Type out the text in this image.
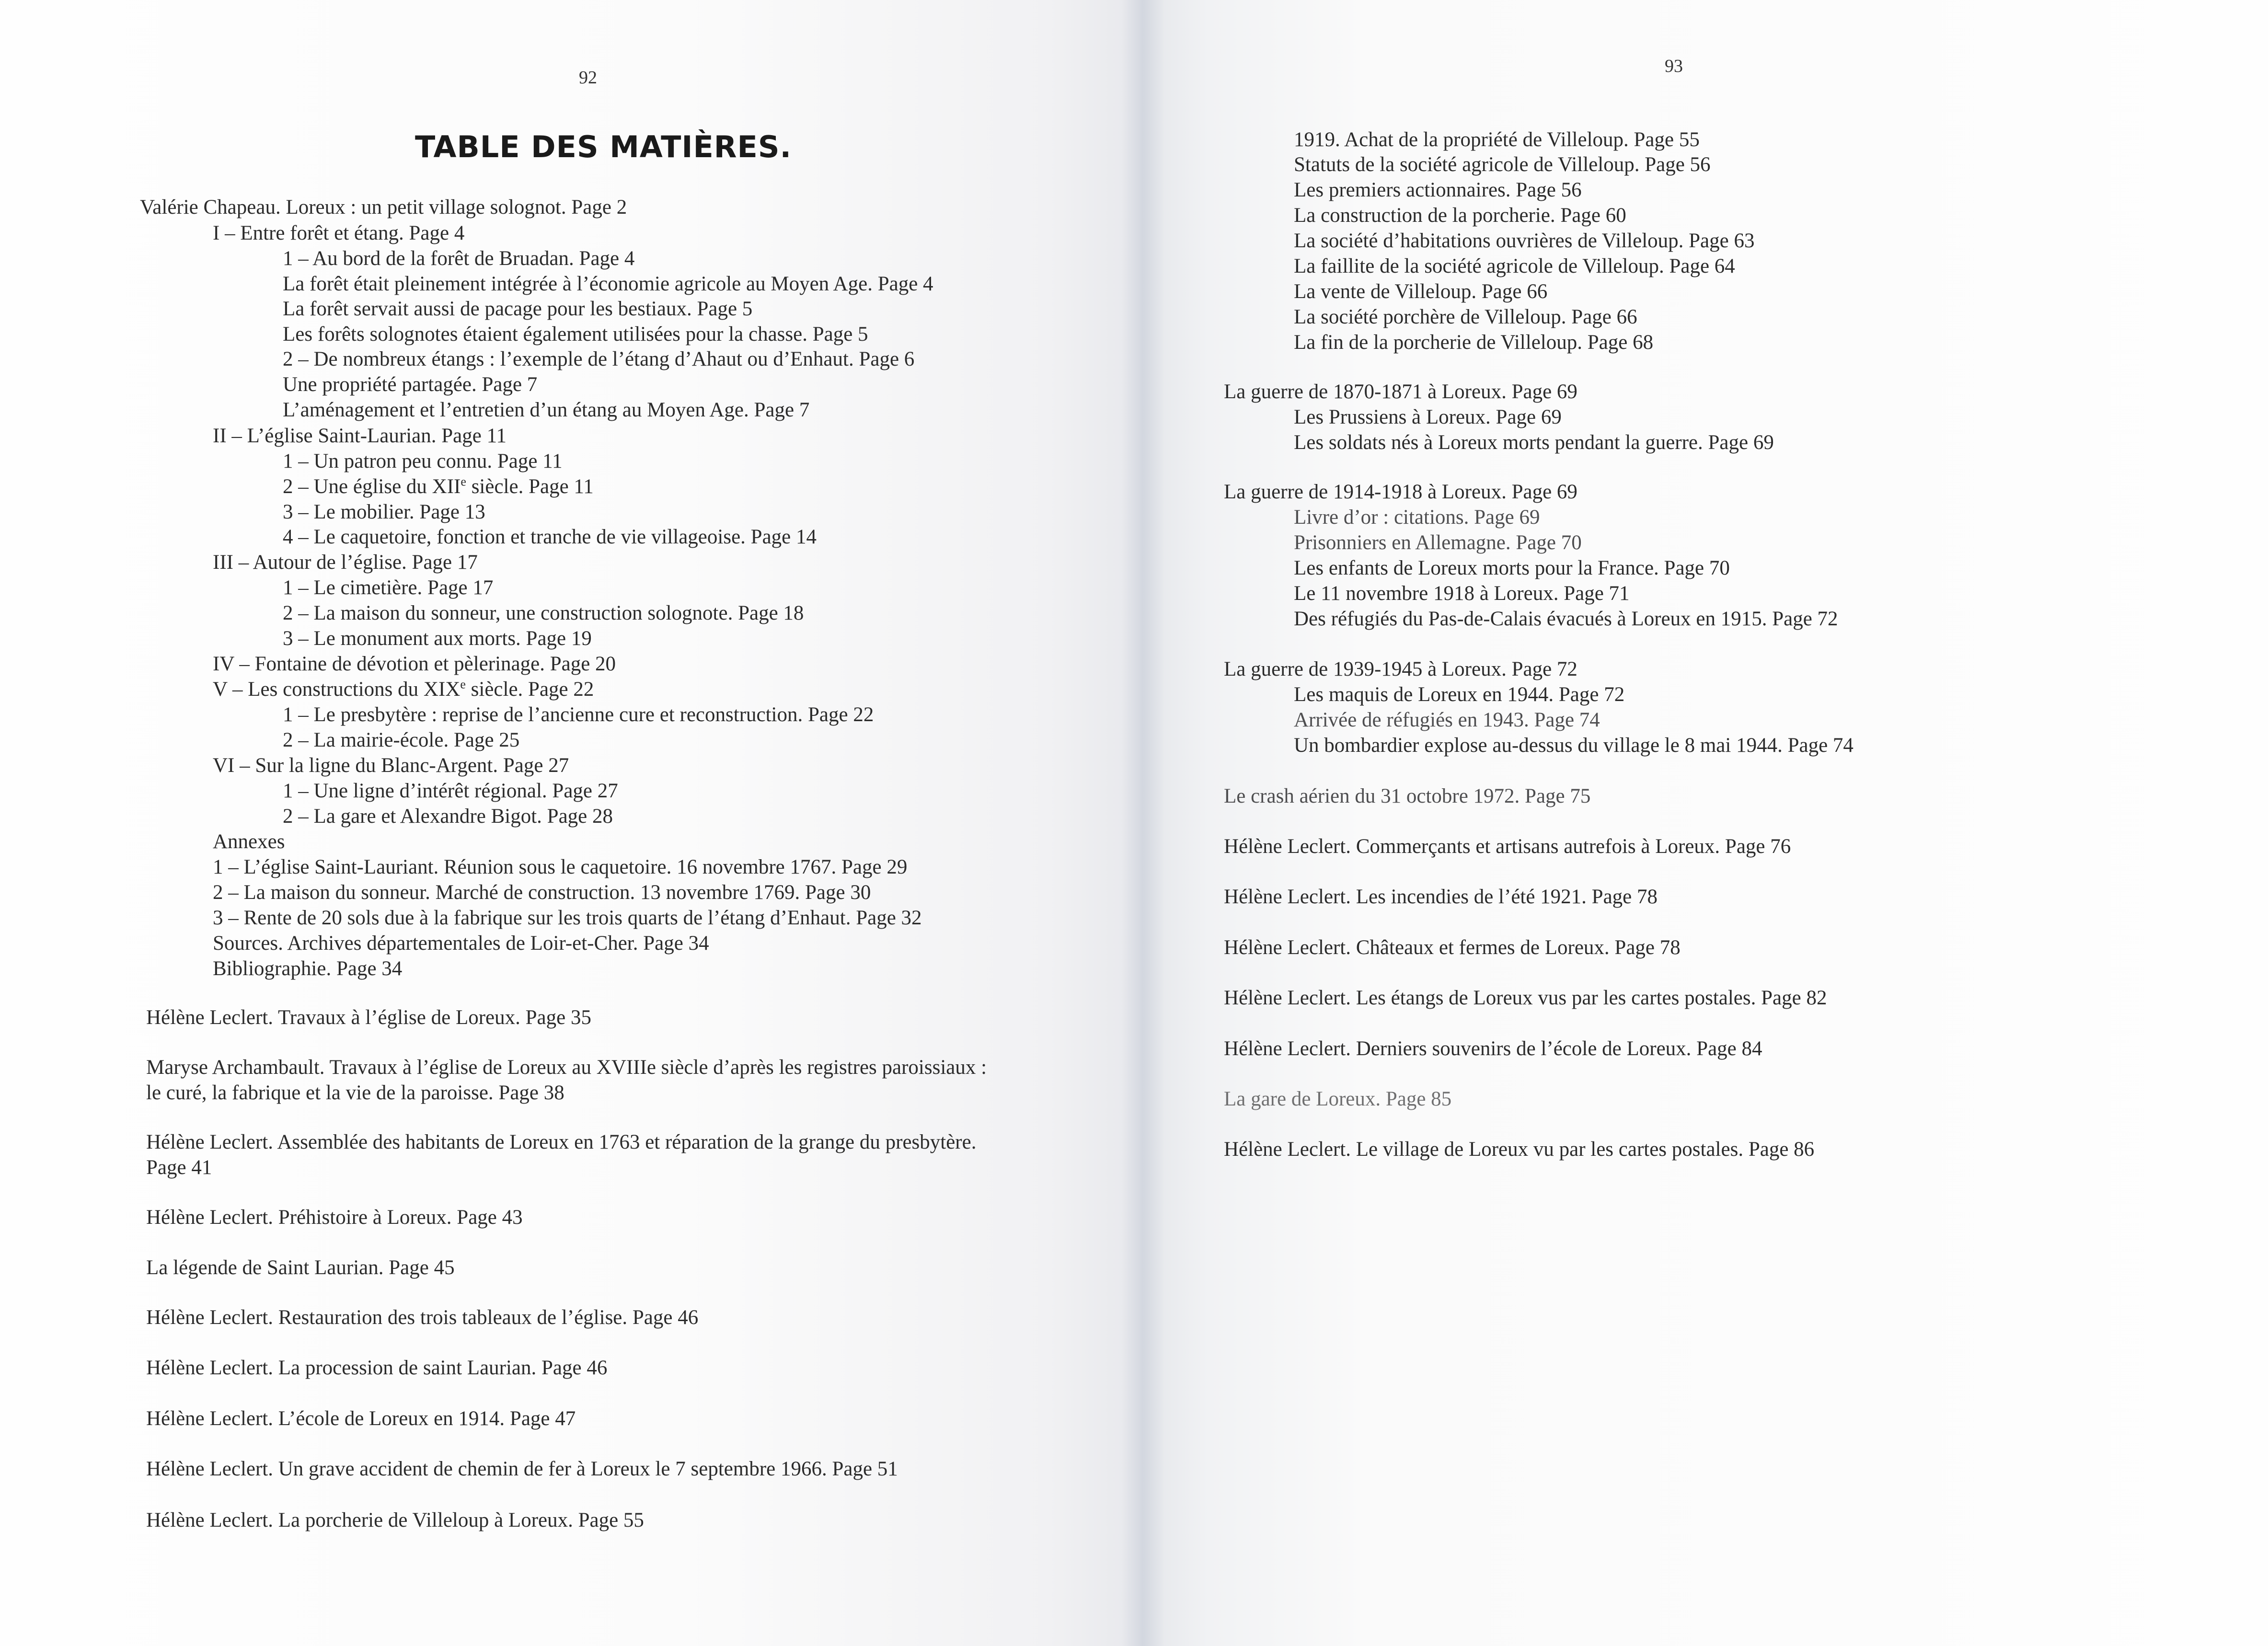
92
TABLE DES MATIÈRES.
Valérie Chapeau. Loreux : un petit village solognot. Page 2
I – Entre forêt et étang. Page 4
1 – Au bord de la forêt de Bruadan. Page 4
La forêt était pleinement intégrée à l’économie agricole au Moyen Age. Page 4
La forêt servait aussi de pacage pour les bestiaux. Page 5
Les forêts solognotes étaient également utilisées pour la chasse. Page 5
2 – De nombreux étangs : l’exemple de l’étang d’Ahaut ou d’Enhaut. Page 6
Une propriété partagée. Page 7
L’aménagement et l’entretien d’un étang au Moyen Age. Page 7
II – L’église Saint-Laurian. Page 11
1 – Un patron peu connu. Page 11
2 – Une église du XIIe siècle. Page 11
3 – Le mobilier. Page 13
4 – Le caquetoire, fonction et tranche de vie villageoise. Page 14
III – Autour de l’église. Page 17
1 – Le cimetière. Page 17
2 – La maison du sonneur, une construction solognote. Page 18
3 – Le monument aux morts. Page 19
IV – Fontaine de dévotion et pèlerinage. Page 20
V – Les constructions du XIXe siècle. Page 22
1 – Le presbytère : reprise de l’ancienne cure et reconstruction. Page 22
2 – La mairie-école. Page 25
VI – Sur la ligne du Blanc-Argent. Page 27
1 – Une ligne d’intérêt régional. Page 27
2 – La gare et Alexandre Bigot. Page 28
Annexes
1 – L’église Saint-Lauriant. Réunion sous le caquetoire. 16 novembre 1767. Page 29
2 – La maison du sonneur. Marché de construction. 13 novembre 1769. Page 30
3 – Rente de 20 sols due à la fabrique sur les trois quarts de l’étang d’Enhaut. Page 32
Sources. Archives départementales de Loir-et-Cher. Page 34
Bibliographie. Page 34
Hélène Leclert. Travaux à l’église de Loreux. Page 35
Maryse Archambault. Travaux à l’église de Loreux au XVIIIe siècle d’après les registres paroissiaux :
le curé, la fabrique et la vie de la paroisse. Page 38
Hélène Leclert. Assemblée des habitants de Loreux en 1763 et réparation de la grange du presbytère.
Page 41
Hélène Leclert. Préhistoire à Loreux. Page 43
La légende de Saint Laurian. Page 45
Hélène Leclert. Restauration des trois tableaux de l’église. Page 46
Hélène Leclert. La procession de saint Laurian. Page 46
Hélène Leclert. L’école de Loreux en 1914. Page 47
Hélène Leclert. Un grave accident de chemin de fer à Loreux le 7 septembre 1966. Page 51
Hélène Leclert. La porcherie de Villeloup à Loreux. Page 55
93
1919. Achat de la propriété de Villeloup. Page 55
Statuts de la société agricole de Villeloup. Page 56
Les premiers actionnaires. Page 56
La construction de la porcherie. Page 60
La société d’habitations ouvrières de Villeloup. Page 63
La faillite de la société agricole de Villeloup. Page 64
La vente de Villeloup. Page 66
La société porchère de Villeloup. Page 66
La fin de la porcherie de Villeloup. Page 68
La guerre de 1870-1871 à Loreux. Page 69
Les Prussiens à Loreux. Page 69
Les soldats nés à Loreux morts pendant la guerre. Page 69
La guerre de 1914-1918 à Loreux. Page 69
Livre d’or : citations. Page 69
Prisonniers en Allemagne. Page 70
Les enfants de Loreux morts pour la France. Page 70
Le 11 novembre 1918 à Loreux. Page 71
Des réfugiés du Pas-de-Calais évacués à Loreux en 1915. Page 72
La guerre de 1939-1945 à Loreux. Page 72
Les maquis de Loreux en 1944. Page 72
Arrivée de réfugiés en 1943. Page 74
Un bombardier explose au-dessus du village le 8 mai 1944. Page 74
Le crash aérien du 31 octobre 1972. Page 75
Hélène Leclert. Commerçants et artisans autrefois à Loreux. Page 76
Hélène Leclert. Les incendies de l’été 1921. Page 78
Hélène Leclert. Châteaux et fermes de Loreux. Page 78
Hélène Leclert. Les étangs de Loreux vus par les cartes postales. Page 82
Hélène Leclert. Derniers souvenirs de l’école de Loreux. Page 84
La gare de Loreux. Page 85
Hélène Leclert. Le village de Loreux vu par les cartes postales. Page 86
